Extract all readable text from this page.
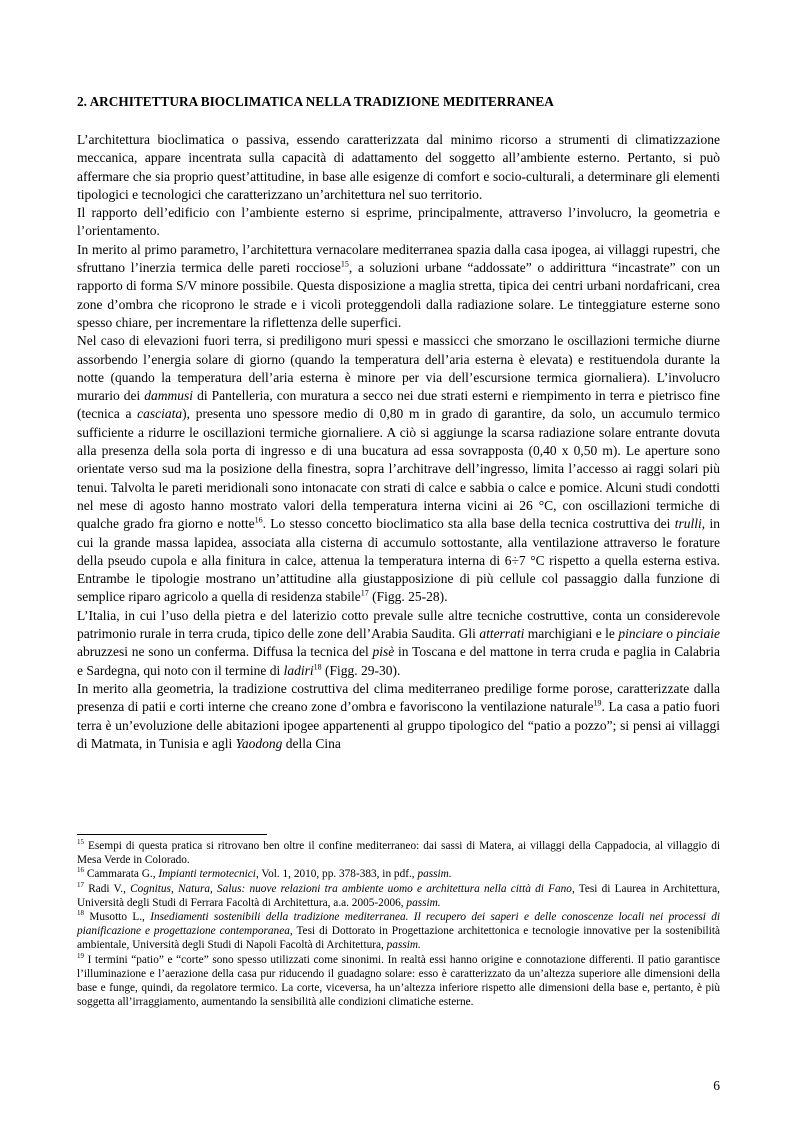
2. ARCHITETTURA BIOCLIMATICA NELLA TRADIZIONE MEDITERRANEA

L’architettura bioclimatica o passiva, essendo caratterizzata dal minimo ricorso a strumenti di climatizzazione meccanica, appare incentrata sulla capacità di adattamento del soggetto all’ambiente esterno. Pertanto, si può affermare che sia proprio quest’attitudine, in base alle esigenze di comfort e socio-culturali, a determinare gli elementi tipologici e tecnologici che caratterizzano un’architettura nel suo territorio.

Il rapporto dell’edificio con l’ambiente esterno si esprime, principalmente, attraverso l’involucro, la geometria e l’orientamento.

In merito al primo parametro, l’architettura vernacolare mediterranea spazia dalla casa ipogea, ai villaggi rupestri, che sfruttano l’inerzia termica delle pareti rocciose$^{15}$, a soluzioni urbane “addossate” o addirittura “incastrate” con un rapporto di forma S/V minore possibile. Questa disposizione a maglia stretta, tipica dei centri urbani nordafricani, crea zone d’ombra che ricoprono le strade e i vicoli proteggendoli dalla radiazione solare. Le tinteggiature esterne sono spesso chiare, per incrementare la riflettenza delle superfici.

Nel caso di elevazioni fuori terra, si prediligono muri spessi e massicci che smorzano le oscillazioni termiche diurne assorbendo l’energia solare di giorno (quando la temperatura dell’aria esterna è elevata) e restituendola durante la notte (quando la temperatura dell’aria esterna è minore per via dell’escursione termica giornaliera). L’involucro murario dei dammusi di Pantelleria, con muratura a secco nei due strati esterni e riempimento in terra e pietrisco fine (tecnica a casciata), presenta uno spessore medio di 0,80 m in grado di garantire, da solo, un accumulo termico sufficiente a ridurre le oscillazioni termiche giornaliere. A ciò si aggiunge la scarsa radiazione solare entrante dovuta alla presenza della sola porta di ingresso e di una bucatura ad essa sovrapposta (0,40 x 0,50 m). Le aperture sono orientate verso sud ma la posizione della finestra, sopra l’architrave dell’ingresso, limita l’accesso ai raggi solari più tenui. Talvolta le pareti meridionali sono intonacate con strati di calce e sabbia o calce e pomice. Alcuni studi condotti nel mese di agosto hanno mostrato valori della temperatura interna vicini ai 26 °C, con oscillazioni termiche di qualche grado fra giorno e notte$^{16}$. Lo stesso concetto bioclimatico sta alla base della tecnica costruttiva dei trulli, in cui la grande massa lapidea, associata alla cisterna di accumulo sottostante, alla ventilazione attraverso le forature della pseudo cupola e alla finitura in calce, attenua la temperatura interna di 6÷7 °C rispetto a quella esterna estiva. Entrambe le tipologie mostrano un’attitudine alla giustapposizione di più cellule col passaggio dalla funzione di semplice riparo agricolo a quella di residenza stabile$^{17}$ (Figg. 25-28).

L’Italia, in cui l’uso della pietra e del laterizio cotto prevale sulle altre tecniche costruttive, conta un considerevole patrimonio rurale in terra cruda, tipico delle zone dell’Arabia Saudita. Gli atterrati marchigiani e le pinciare o pinciaie abruzzesi ne sono un conferma. Diffusa la tecnica del pisè in Toscana e del mattone in terra cruda e paglia in Calabria e Sardegna, qui noto con il termine di ladiri$^{18}$ (Figg. 29-30).

In merito alla geometria, la tradizione costruttiva del clima mediterraneo predilige forme porose, caratterizzate dalla presenza di patii e corti interne che creano zone d’ombra e favoriscono la ventilazione naturale$^{19}$. La casa a patio fuori terra è un’evoluzione delle abitazioni ipogee appartenenti al gruppo tipologico del “patio a pozzo”; si pensi ai villaggi di Matmata, in Tunisia e agli Yaodong della Cina

$^{15}$ Esempi di questa pratica si ritrovano ben oltre il confine mediterraneo: dai sassi di Matera, ai villaggi della Cappadocia, al villaggio di Mesa Verde in Colorado.

$^{16}$ Cammarata G., Impianti termotecnici, Vol. 1, 2010, pp. 378-383, in pdf., passim.

$^{17}$ Radi V., Cognitus, Natura, Salus: nuove relazioni tra ambiente uomo e architettura nella città di Fano, Tesi di Laurea in Architettura, Università degli Studi di Ferrara Facoltà di Architettura, a.a. 2005-2006, passim.

$^{18}$ Musotto L., Insediamenti sostenibili della tradizione mediterranea. Il recupero dei saperi e delle conoscenze locali nei processi di pianificazione e progettazione contemporanea, Tesi di Dottorato in Progettazione architettonica e tecnologie innovative per la sostenibilità ambientale, Università degli Studi di Napoli Facoltà di Architettura, passim.

$^{19}$ I termini “patio” e “corte” sono spesso utilizzati come sinonimi. In realtà essi hanno origine e connotazione differenti. Il patio garantisce l’illuminazione e l’aerazione della casa pur riducendo il guadagno solare: esso è caratterizzato da un’altezza superiore alle dimensioni della base e funge, quindi, da regolatore termico. La corte, viceversa, ha un’altezza inferiore rispetto alle dimensioni della base e, pertanto, è più soggetta all’irraggiamento, aumentando la sensibilità alle condizioni climatiche esterne.

6
